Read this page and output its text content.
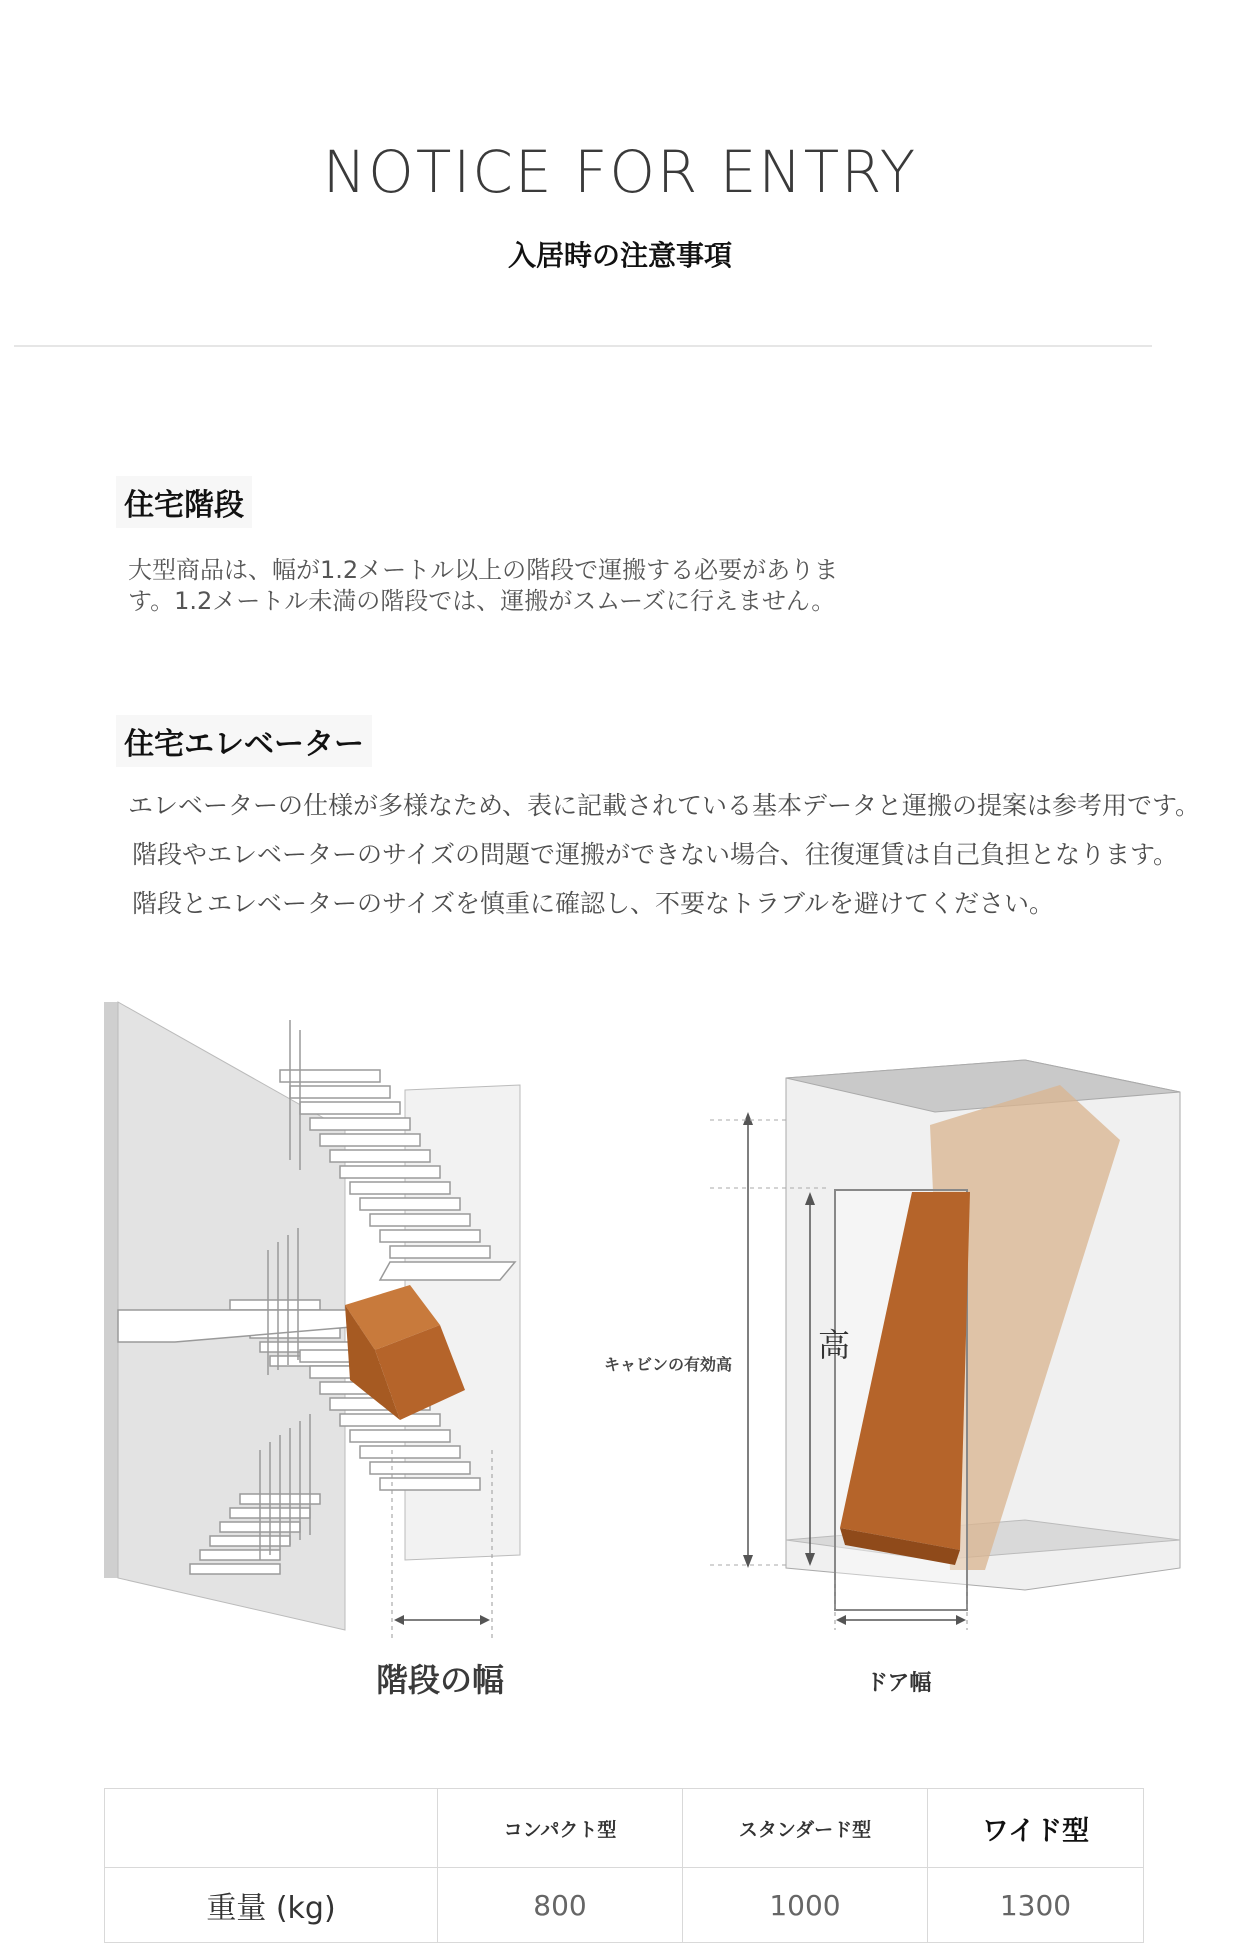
NOTICE FOR ENTRY
入居時の注意事項
住宅階段

大型商品は、幅が1.2メートル以上の階段で運搬する必要がありま

す。1.2メートル未満の階段では、運搬がスムーズに行えません。

住宅エレベーター

エレベーターの仕様が多様なため、表に記載されている基本データと運搬の提案は参考用です。

階段やエレベーターのサイズの問題で運搬ができない場合、往復運賃は自己負担となります。

階段とエレベーターのサイズを慎重に確認し、不要なトラブルを避けてください。

階段の幅

キャビンの有効高

高

ドア幅

	コンパクト型	スタンダード型	ワイド型
重量 (kg)	800	1000	1300
